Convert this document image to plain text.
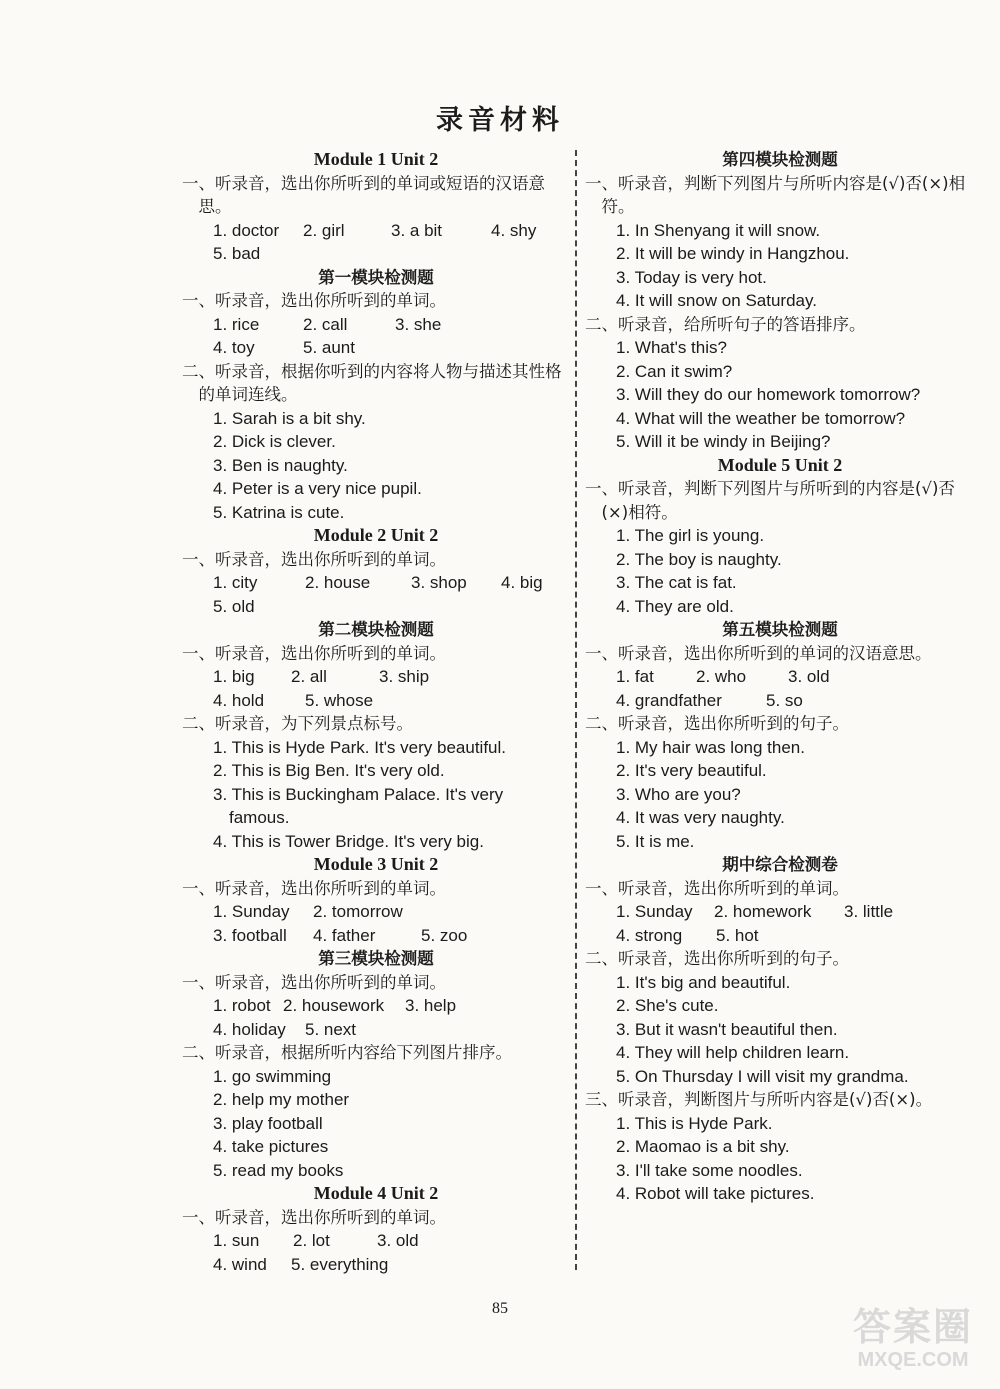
录音材料
Module 1 Unit 2
一、听录音，选出你所听到的单词或短语的汉语意思。
1. doctor 2. girl	3. a bit	4. shy
5. bad
第一模块检测题
一、听录音，选出你所听到的单词。
1. rice	2. call	3. she
4. toy	5. aunt
二、听录音，根据你听到的内容将人物与描述其性格的单词连线。
1. Sarah is a bit shy.
2. Dick is clever.
3. Ben is naughty.
4. Peter is a very nice pupil.
5. Katrina is cute.
Module 2 Unit 2
一、听录音，选出你所听到的单词。
1. city	2. house 3. shop 4. big
5. old
第二模块检测题
一、听录音，选出你所听到的单词。
1. big 2. all	3. ship
4. hold 5. whose
二、听录音，为下列景点标号。
1. This is Hyde Park. It's very beautiful.
2. This is Big Ben. It's very old.
3. This is Buckingham Palace. It's very
famous.
4. This is Tower Bridge. It's very big.
Module 3 Unit 2
一、听录音，选出你所听到的单词。
1. Sunday 2. tomorrow
3. football 4. father	5. zoo
第三模块检测题
一、听录音，选出你所听到的单词。
1. robot 2. housework 3. help
4. holiday 5. next
二、听录音，根据所听内容给下列图片排序。
1. go swimming
2. help my mother
3. play football
4. take pictures
5. read my books
Module 4 Unit 2
一、听录音，选出你所听到的单词。
1. sun 2. lot	3. old
4. wind 5. everything
第四模块检测题
一、听录音，判断下列图片与所听内容是(√)否(×)相符。
1. In Shenyang it will snow.
2. It will be windy in Hangzhou.
3. Today is very hot.
4. It will snow on Saturday.
二、听录音，给所听句子的答语排序。
1. What's this?
2. Can it swim?
3. Will they do our homework tomorrow?
4. What will the weather be tomorrow?
5. Will it be windy in Beijing?
Module 5 Unit 2
一、听录音，判断下列图片与所听到的内容是(√)否(×)相符。
1. The girl is young.
2. The boy is naughty.
3. The cat is fat.
4. They are old.
第五模块检测题
一、听录音，选出你所听到的单词的汉语意思。
1. fat 2. who 3. old
4. grandfather	5. so
二、听录音，选出你所听到的句子。
1. My hair was long then.
2. It's very beautiful.
3. Who are you?
4. It was very naughty.
5. It is me.
期中综合检测卷
一、听录音，选出你所听到的单词。
1. Sunday 2. homework 3. little
4. strong 5. hot
二、听录音，选出你所听到的句子。
1. It's big and beautiful.
2. She's cute.
3. But it wasn't beautiful then.
4. They will help children learn.
5. On Thursday I will visit my grandma.
三、听录音，判断图片与所听内容是(√)否(×)。
1. This is Hyde Park.
2. Maomao is a bit shy.
3. I'll take some noodles.
4. Robot will take pictures.
85	答案圈
MXQE.COM
